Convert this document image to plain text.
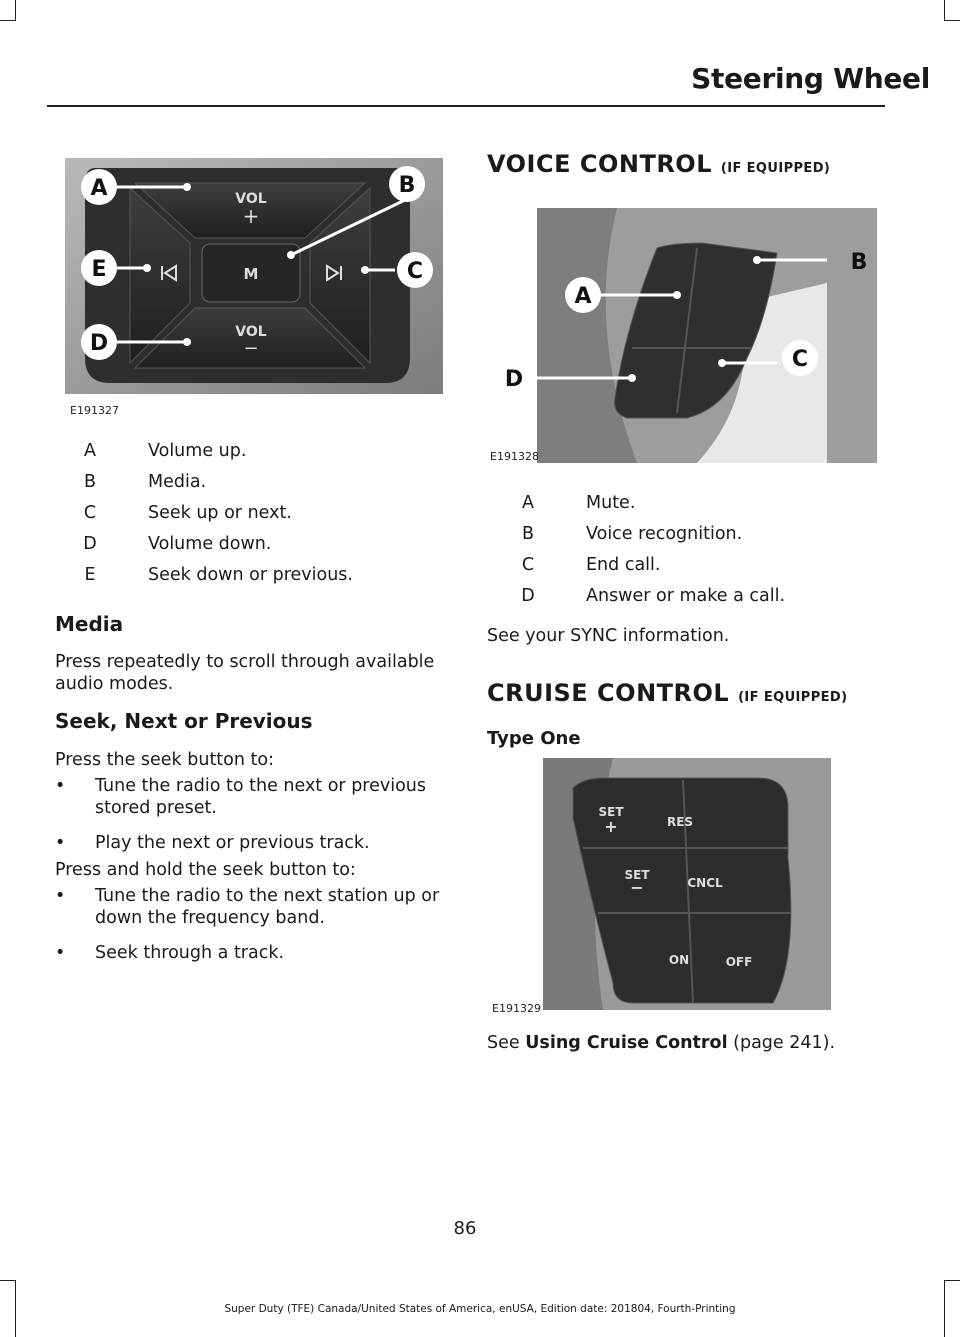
Steering Wheel
M
VOL
+
VOL
−
A	B
C
D
E
E191327
A	Volume up.
B	Media.
C	Seek up or next.
D	Volume down.
E	Seek down or previous.
Media
Press repeatedly to scroll through available audio modes.
Seek, Next or Previous
Press the seek button to:
•	Tune the radio to the next or previous stored preset.
•	Play the next or previous track.
Press and hold the seek button to:
•	Tune the radio to the next station up or down the frequency band.
•	Seek through a track.
VOICE CONTROL (IF EQUIPPED)
A
B
C
D
E191328
A	Mute.
B	Voice recognition.
C	End call.
D	Answer or make a call.
See your SYNC information.
CRUISE CONTROL (IF EQUIPPED)
Type One
SET
+	RES
SET
−	CNCL
ON	OFF
E191329
See Using Cruise Control (page 241).
86
Super Duty (TFE) Canada/United States of America, enUSA, Edition date: 201804, Fourth-Printing
